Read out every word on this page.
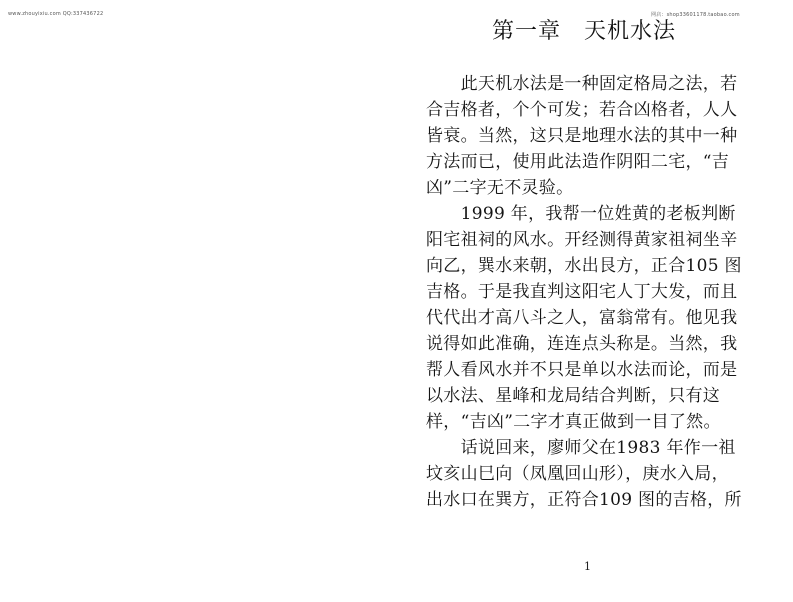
www.zhouyixiu.com QQ:337436722	网店：shop33601178.taobao.com
第一章　天机水法
　　此天机水法是一种固定格局之法，若
合吉格者，个个可发；若合凶格者，人人
皆衰。当然，这只是地理水法的其中一种
方法而已，使用此法造作阴阳二宅，“吉
凶”二字无不灵验。
　　1999 年，我帮一位姓黄的老板判断
阳宅祖祠的风水。开经测得黄家祖祠坐辛
向乙，巽水来朝，水出艮方，正合105 图
吉格。于是我直判这阳宅人丁大发，而且
代代出才高八斗之人，富翁常有。他见我
说得如此准确，连连点头称是。当然，我
帮人看风水并不只是单以水法而论，而是
以水法、星峰和龙局结合判断，只有这
样，“吉凶”二字才真正做到一目了然。
　　话说回来，廖师父在1983 年作一祖
坟亥山巳向（凤凰回山形），庚水入局，
出水口在巽方，正符合109 图的吉格，所
1
